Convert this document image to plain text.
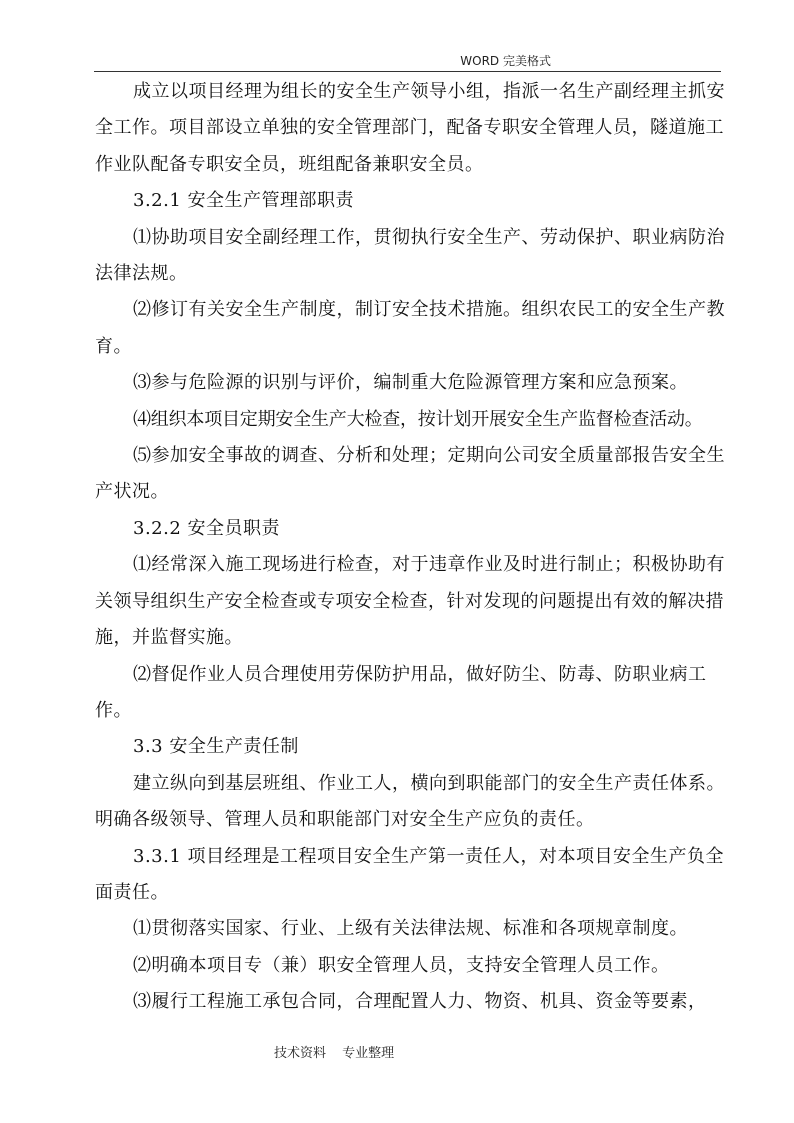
WORD 完美格式

成立以项目经理为组长的安全生产领导小组，指派一名生产副经理主抓安全工作。项目部设立单独的安全管理部门，配备专职安全管理人员，隧道施工作业队配备专职安全员，班组配备兼职安全员。

3.2.1 安全生产管理部职责

⑴协助项目安全副经理工作，贯彻执行安全生产、劳动保护、职业病防治法律法规。

⑵修订有关安全生产制度，制订安全技术措施。组织农民工的安全生产教育。

⑶参与危险源的识别与评价，编制重大危险源管理方案和应急预案。

⑷组织本项目定期安全生产大检查，按计划开展安全生产监督检查活动。

⑸参加安全事故的调查、分析和处理；定期向公司安全质量部报告安全生产状况。

3.2.2 安全员职责

⑴经常深入施工现场进行检查，对于违章作业及时进行制止；积极协助有关领导组织生产安全检查或专项安全检查，针对发现的问题提出有效的解决措施，并监督实施。

⑵督促作业人员合理使用劳保防护用品，做好防尘、防毒、防职业病工作。

3.3 安全生产责任制

建立纵向到基层班组、作业工人，横向到职能部门的安全生产责任体系。明确各级领导、管理人员和职能部门对安全生产应负的责任。

3.3.1 项目经理是工程项目安全生产第一责任人，对本项目安全生产负全面责任。

⑴贯彻落实国家、行业、上级有关法律法规、标准和各项规章制度。

⑵明确本项目专（兼）职安全管理人员，支持安全管理人员工作。

⑶履行工程施工承包合同，合理配置人力、物资、机具、资金等要素，

技术资料 专业整理
